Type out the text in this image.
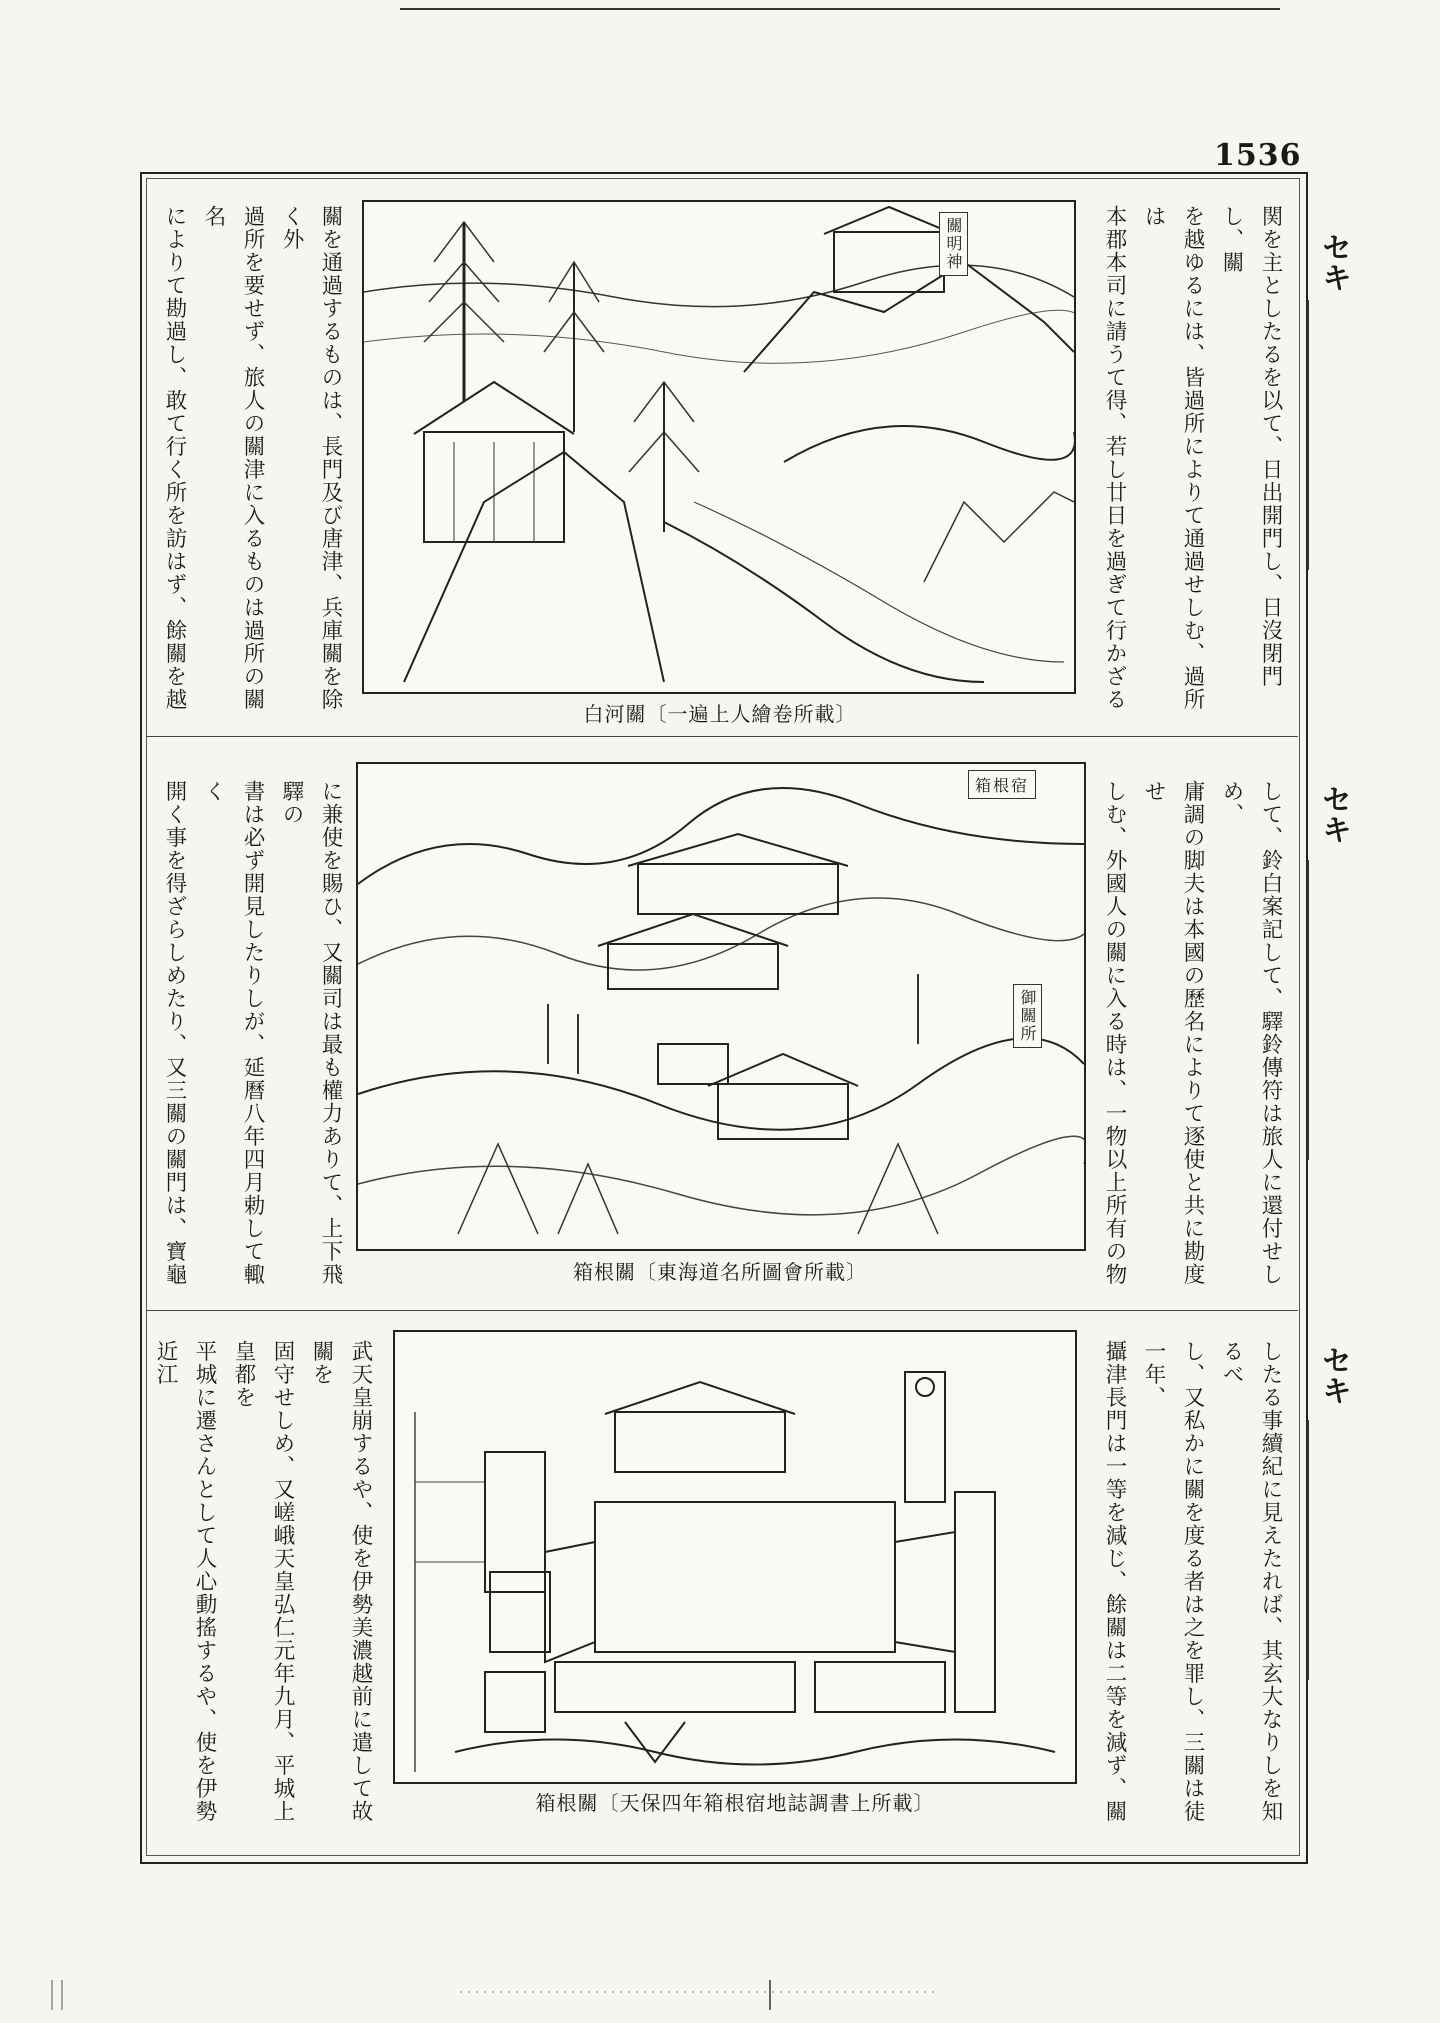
1536
セキ
セキ
セキ

関を主としたるを以て、日出開門し、日沒閉門し、關

を越ゆるには、皆過所によりて通過せしむ、過所は

本郡本司に請うて得、若し廿日を過ぎて行かざる

關明神
白河關〔一遍上人繪卷所載〕

關を通過するものは、長門及び唐津、兵庫關を除く外

過所を要せず、旅人の關津に入るものは過所の關名

によりて勘過し、敢て行く所を訪はず、餘關を越

して、鈴白案記して、驛鈴傳符は旅人に還付せしめ、

庸調の脚夫は本國の歷名によりて逐使と共に勘度せ

しむ、外國人の關に入る時は、一物以上所有の物

箱根宿
御關所
箱根關〔東海道名所圖會所載〕

に兼使を賜ひ、又關司は最も權力ありて、上下飛驛の

書は必ず開見したりしが、延曆八年四月勅して輙く

開く事を得ざらしめたり、又三關の關門は、寶龜

したる事續紀に見えたれば、其玄大なりしを知るべ

し、又私かに關を度る者は之を罪し、三關は徒一年、

攝津長門は一等を減じ、餘關は二等を減ず、關

箱根關〔天保四年箱根宿地誌調書上所載〕

武天皇崩するや、使を伊勢美濃越前に遣して故關を

固守せしめ、又嵯峨天皇弘仁元年九月、平城上皇都を

平城に遷さんとして人心動搖するや、使を伊勢近江
